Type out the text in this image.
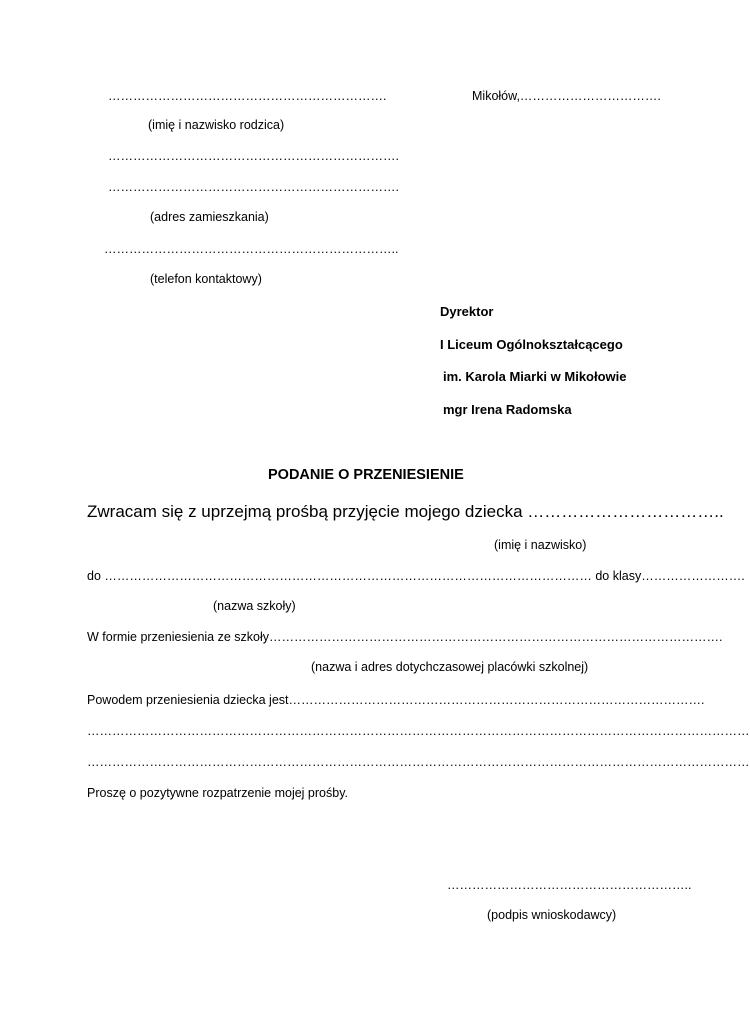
………………………………………………………….
(imię i nazwisko rodzica)
…………………………………………………………….
…………………………………………………………….
(adres zamieszkania)
……………………………………………………………..
(telefon kontaktowy)
Mikołów,…………………………….
Dyrektor
I Liceum Ogólnokształcącego
im. Karola Miarki w Mikołowie
mgr Irena Radomska
PODANIE O PRZENIESIENIE
Zwracam się z uprzejmą prośbą przyjęcie mojego dziecka ……………………………..
(imię i nazwisko)
do ……………………………………………………………………………………………………… do klasy…………………….
(nazwa szkoły)
W formie przeniesienia ze szkoły……………………………………………………………………………………………….
(nazwa i adres dotychczasowej placówki szkolnej)
Powodem przeniesienia dziecka jest……………………………………………………………………………………….
……………………………………………………………………………………………………………………………………………
……………………………………………………………………………………………………………………………………………
Proszę o pozytywne rozpatrzenie mojej prośby.
…………………………………………………..
(podpis wnioskodawcy)
